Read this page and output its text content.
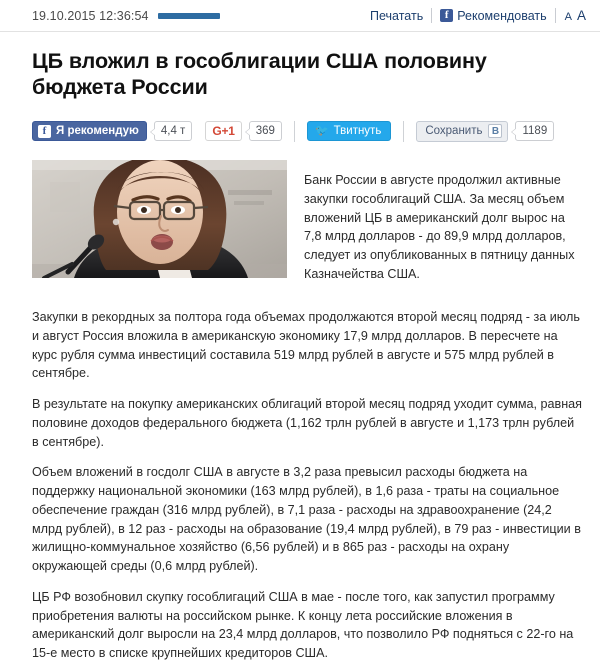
19.10.2015 12:36:54	Печатать	f Рекомендовать A A
ЦБ вложил в гособлигации США половину бюджета России
f Я рекомендую	4,4 т	G+1	369	🐦 Твитнуть	Сохранить B	1189

Банк России в августе продолжил активные закупки гособлигаций США. За месяц объем вложений ЦБ в американский долг вырос на 7,8 млрд долларов - до 89,9 млрд долларов, следует из опубликованных в пятницу данных Казначейства США.

Закупки в рекордных за полтора года объемах продолжаются второй месяц подряд - за июль и август Россия вложила в американскую экономику 17,9 млрд долларов. В пересчете на курс рубля сумма инвестиций составила 519 млрд рублей в августе и 575 млрд рублей в сентябре.

В результате на покупку американских облигаций второй месяц подряд уходит сумма, равная половине доходов федерального бюджета (1,162 трлн рублей в августе и 1,173 трлн рублей в сентябре).

Объем вложений в госдолг США в августе в 3,2 раза превысил расходы бюджета на поддержку национальной экономики (163 млрд рублей), в 1,6 раза - траты на социальное обеспечение граждан (316 млрд рублей), в 7,1 раза - расходы на здравоохранение (24,2 млрд рублей), в 12 раз - расходы на образование (19,4 млрд рублей), в 79 раз - инвестиции в жилищно-коммунальное хозяйство (6,56 рублей) и в 865 раз - расходы на охрану окружающей среды (0,6 млрд рублей).

ЦБ РФ возобновил скупку гособлигаций США в мае - после того, как запустил программу приобретения валюты на российском рынке. К концу лета российские вложения в американский долг выросли на 23,4 млрд долларов, что позволило РФ подняться с 22-го на 15-е место в списке крупнейших кредиторов США.
